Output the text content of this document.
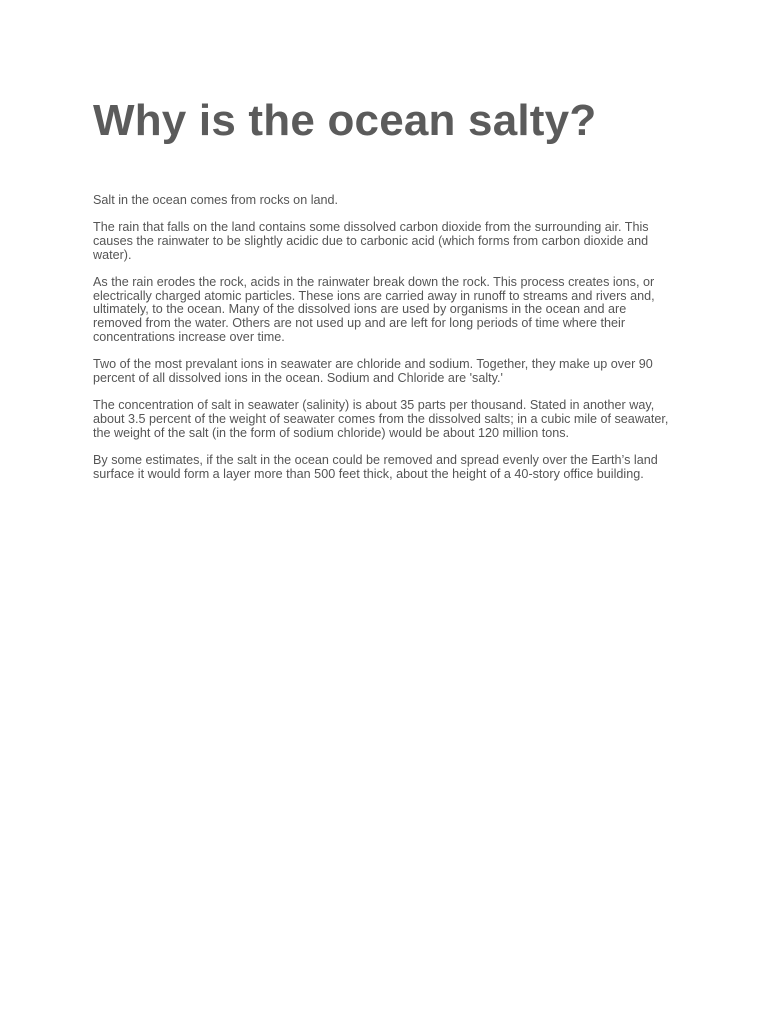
Why is the ocean salty?

Salt in the ocean comes from rocks on land.

The rain that falls on the land contains some dissolved carbon dioxide from the surrounding air. This causes the rainwater to be slightly acidic due to carbonic acid (which forms from carbon dioxide and water).

As the rain erodes the rock, acids in the rainwater break down the rock. This process creates ions, or electrically charged atomic particles. These ions are carried away in runoff to streams and rivers and, ultimately, to the ocean. Many of the dissolved ions are used by organisms in the ocean and are removed from the water. Others are not used up and are left for long periods of time where their concentrations increase over time.

Two of the most prevalant ions in seawater are chloride and sodium. Together, they make up over 90 percent of all dissolved ions in the ocean. Sodium and Chloride are 'salty.'

The concentration of salt in seawater (salinity) is about 35 parts per thousand. Stated in another way, about 3.5 percent of the weight of seawater comes from the dissolved salts; in a cubic mile of seawater, the weight of the salt (in the form of sodium chloride) would be about 120 million tons.

By some estimates, if the salt in the ocean could be removed and spread evenly over the Earth’s land surface it would form a layer more than 500 feet thick, about the height of a 40-story office building.
